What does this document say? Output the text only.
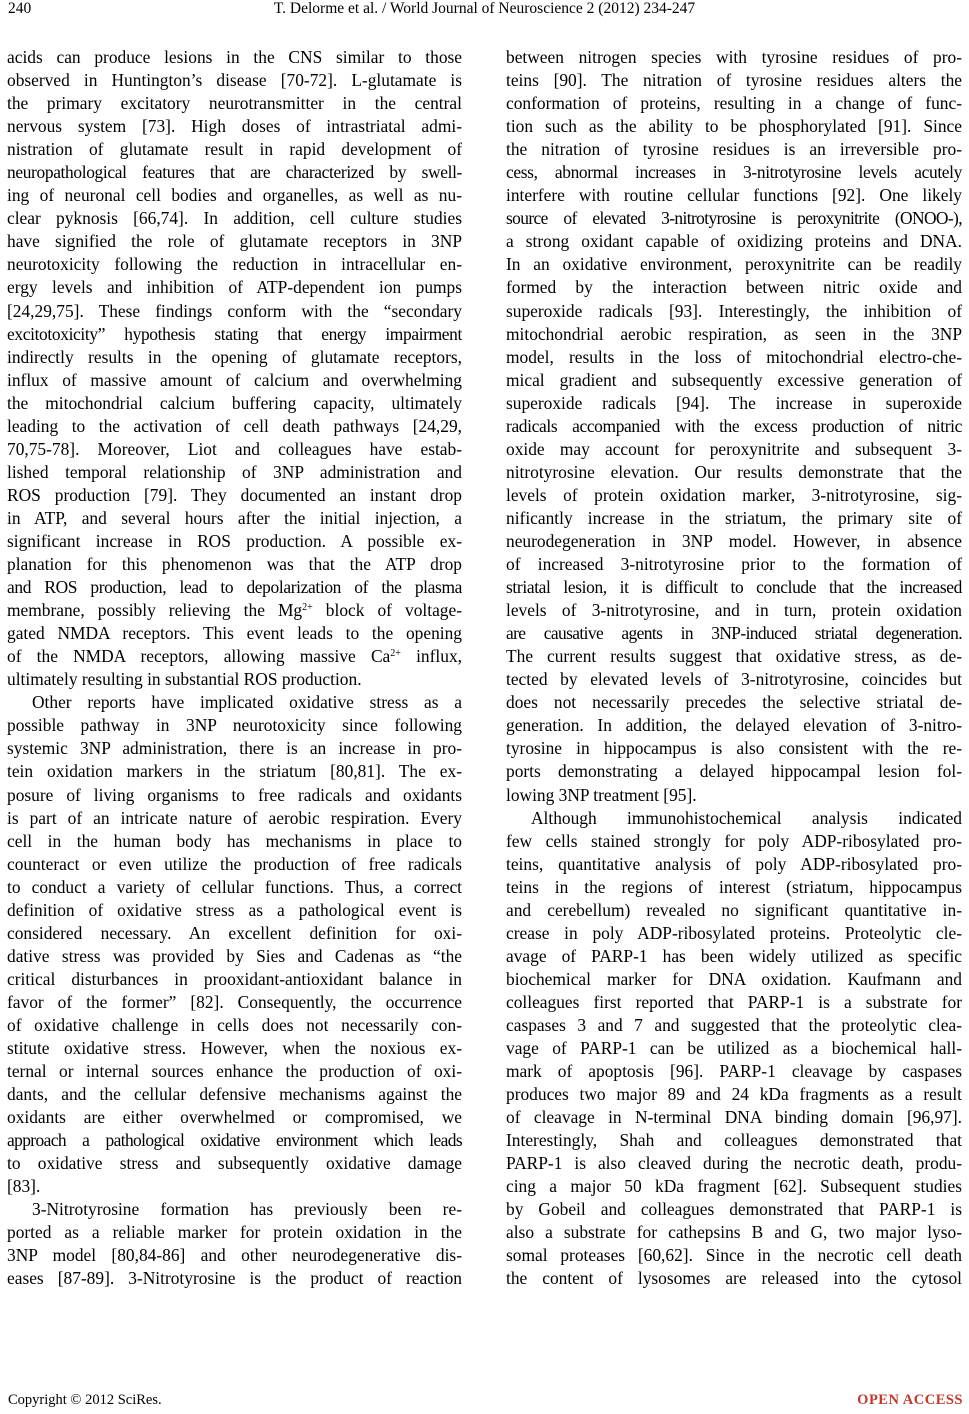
240	T. Delorme et al. / World Journal of Neuroscience 2 (2012) 234-247
acids can produce lesions in the CNS similar to those
observed in Huntington’s disease [70-72]. L-glutamate is
the primary excitatory neurotransmitter in the central
nervous system [73]. High doses of intrastriatal admi-
nistration of glutamate result in rapid development of
neuropathological features that are characterized by swell-
ing of neuronal cell bodies and organelles, as well as nu-
clear pyknosis [66,74]. In addition, cell culture studies
have signified the role of glutamate receptors in 3NP
neurotoxicity following the reduction in intracellular en-
ergy levels and inhibition of ATP-dependent ion pumps
[24,29,75]. These findings conform with the “secondary
excitotoxicity” hypothesis stating that energy impairment
indirectly results in the opening of glutamate receptors,
influx of massive amount of calcium and overwhelming
the mitochondrial calcium buffering capacity, ultimately
leading to the activation of cell death pathways [24,29,
70,75-78]. Moreover, Liot and colleagues have estab-
lished temporal relationship of 3NP administration and
ROS production [79]. They documented an instant drop
in ATP, and several hours after the initial injection, a
significant increase in ROS production. A possible ex-
planation for this phenomenon was that the ATP drop
and ROS production, lead to depolarization of the plasma
membrane, possibly relieving the $Mg^{2+}$ block of voltage-
gated NMDA receptors. This event leads to the opening
of the NMDA receptors, allowing massive $Ca^{2+}$ influx,
ultimately resulting in substantial ROS production.
Other reports have implicated oxidative stress as a
possible pathway in 3NP neurotoxicity since following
systemic 3NP administration, there is an increase in pro-
tein oxidation markers in the striatum [80,81]. The ex-
posure of living organisms to free radicals and oxidants
is part of an intricate nature of aerobic respiration. Every
cell in the human body has mechanisms in place to
counteract or even utilize the production of free radicals
to conduct a variety of cellular functions. Thus, a correct
definition of oxidative stress as a pathological event is
considered necessary. An excellent definition for oxi-
dative stress was provided by Sies and Cadenas as “the
critical disturbances in prooxidant-antioxidant balance in
favor of the former” [82]. Consequently, the occurrence
of oxidative challenge in cells does not necessarily con-
stitute oxidative stress. However, when the noxious ex-
ternal or internal sources enhance the production of oxi-
dants, and the cellular defensive mechanisms against the
oxidants are either overwhelmed or compromised, we
approach a pathological oxidative environment which leads
to oxidative stress and subsequently oxidative damage
[83].
3-Nitrotyrosine formation has previously been re-
ported as a reliable marker for protein oxidation in the
3NP model [80,84-86] and other neurodegenerative dis-
eases [87-89]. 3-Nitrotyrosine is the product of reaction
between nitrogen species with tyrosine residues of pro-
teins [90]. The nitration of tyrosine residues alters the
conformation of proteins, resulting in a change of func-
tion such as the ability to be phosphorylated [91]. Since
the nitration of tyrosine residues is an irreversible pro-
cess, abnormal increases in 3-nitrotyrosine levels acutely
interfere with routine cellular functions [92]. One likely
source of elevated 3-nitrotyrosine is peroxynitrite (ONOO-),
a strong oxidant capable of oxidizing proteins and DNA.
In an oxidative environment, peroxynitrite can be readily
formed by the interaction between nitric oxide and
superoxide radicals [93]. Interestingly, the inhibition of
mitochondrial aerobic respiration, as seen in the 3NP
model, results in the loss of mitochondrial electro-che-
mical gradient and subsequently excessive generation of
superoxide radicals [94]. The increase in superoxide
radicals accompanied with the excess production of nitric
oxide may account for peroxynitrite and subsequent 3-
nitrotyrosine elevation. Our results demonstrate that the
levels of protein oxidation marker, 3-nitrotyrosine, sig-
nificantly increase in the striatum, the primary site of
neurodegeneration in 3NP model. However, in absence
of increased 3-nitrotyrosine prior to the formation of
striatal lesion, it is difficult to conclude that the increased
levels of 3-nitrotyrosine, and in turn, protein oxidation
are causative agents in 3NP-induced striatal degeneration.
The current results suggest that oxidative stress, as de-
tected by elevated levels of 3-nitrotyrosine, coincides but
does not necessarily precedes the selective striatal de-
generation. In addition, the delayed elevation of 3-nitro-
tyrosine in hippocampus is also consistent with the re-
ports demonstrating a delayed hippocampal lesion fol-
lowing 3NP treatment [95].
Although immunohistochemical analysis indicated
few cells stained strongly for poly ADP-ribosylated pro-
teins, quantitative analysis of poly ADP-ribosylated pro-
teins in the regions of interest (striatum, hippocampus
and cerebellum) revealed no significant quantitative in-
crease in poly ADP-ribosylated proteins. Proteolytic cle-
avage of PARP-1 has been widely utilized as specific
biochemical marker for DNA oxidation. Kaufmann and
colleagues first reported that PARP-1 is a substrate for
caspases 3 and 7 and suggested that the proteolytic clea-
vage of PARP-1 can be utilized as a biochemical hall-
mark of apoptosis [96]. PARP-1 cleavage by caspases
produces two major 89 and 24 kDa fragments as a result
of cleavage in N-terminal DNA binding domain [96,97].
Interestingly, Shah and colleagues demonstrated that
PARP-1 is also cleaved during the necrotic death, produ-
cing a major 50 kDa fragment [62]. Subsequent studies
by Gobeil and colleagues demonstrated that PARP-1 is
also a substrate for cathepsins B and G, two major lyso-
somal proteases [60,62]. Since in the necrotic cell death
the content of lysosomes are released into the cytosol
Copyright © 2012 SciRes.	OPEN ACCESS
